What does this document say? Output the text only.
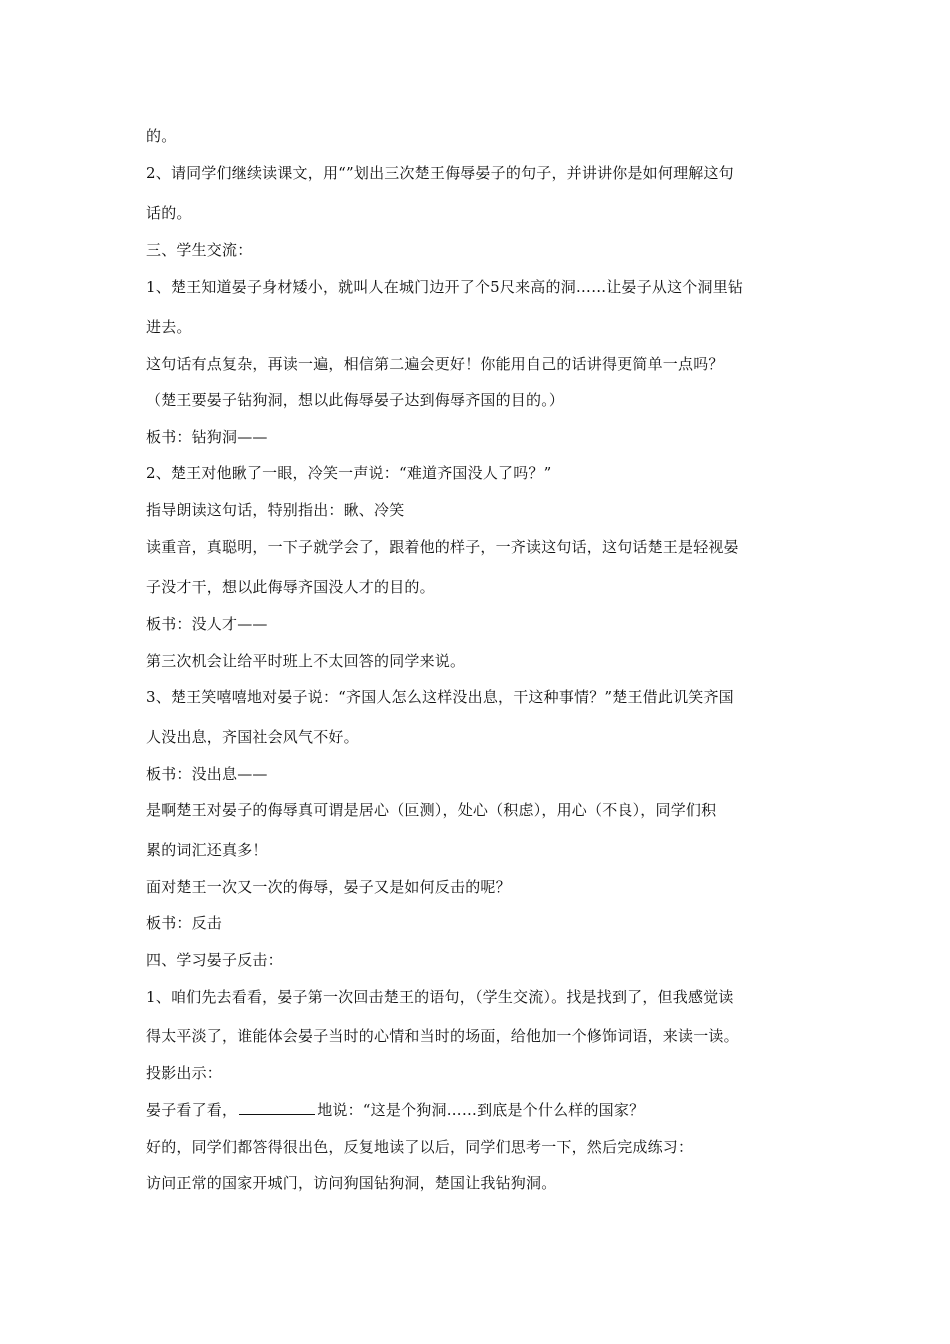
的。
2、请同学们继续读课文，用“”划出三次楚王侮辱晏子的句子，并讲讲你是如何理解这句
话的。
三、学生交流：
1、楚王知道晏子身材矮小，就叫人在城门边开了个5尺来高的洞……让晏子从这个洞里钻
进去。
这句话有点复杂，再读一遍，相信第二遍会更好！你能用自己的话讲得更简单一点吗？
（楚王要晏子钻狗洞，想以此侮辱晏子达到侮辱齐国的目的。）
板书：钻狗洞——
2、楚王对他瞅了一眼，冷笑一声说：“难道齐国没人了吗？”
指导朗读这句话，特别指出：瞅、冷笑
读重音，真聪明，一下子就学会了，跟着他的样子，一齐读这句话，这句话楚王是轻视晏
子没才干，想以此侮辱齐国没人才的目的。
板书：没人才——
第三次机会让给平时班上不太回答的同学来说。
3、楚王笑嘻嘻地对晏子说：“齐国人怎么这样没出息，干这种事情？”楚王借此讥笑齐国
人没出息，齐国社会风气不好。
板书：没出息——
是啊楚王对晏子的侮辱真可谓是居心（叵测），处心（积虑），用心（不良），同学们积
累的词汇还真多！
面对楚王一次又一次的侮辱，晏子又是如何反击的呢？
板书：反击
四、学习晏子反击：
1、咱们先去看看，晏子第一次回击楚王的语句，（学生交流）。找是找到了，但我感觉读
得太平淡了，谁能体会晏子当时的心情和当时的场面，给他加一个修饰词语，来读一读。
投影出示：
晏子看了看，	地说：“这是个狗洞……到底是个什么样的国家？
好的，同学们都答得很出色，反复地读了以后，同学们思考一下，然后完成练习：
访问正常的国家开城门，访问狗国钻狗洞，楚国让我钻狗洞。
